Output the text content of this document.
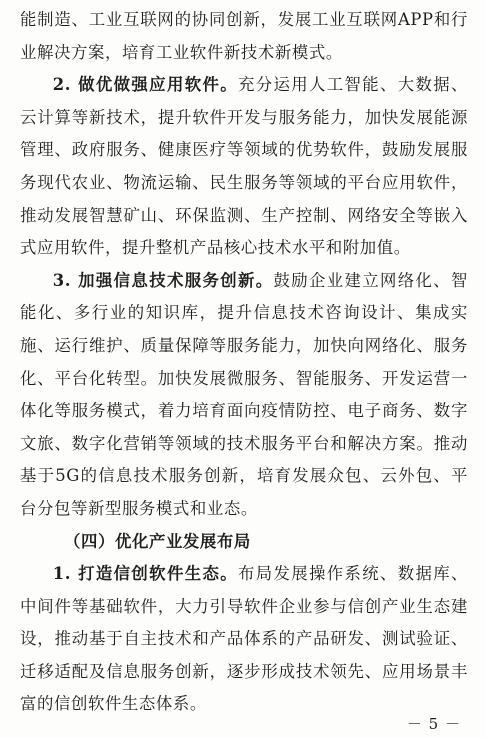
能制造、工业互联网的协同创新，发展工业互联网APP和行业解决方案，培育工业软件新技术新模式。

2. 做优做强应用软件。充分运用人工智能、大数据、云计算等新技术，提升软件开发与服务能力，加快发展能源管理、政府服务、健康医疗等领域的优势软件，鼓励发展服务现代农业、物流运输、民生服务等领域的平台应用软件，推动发展智慧矿山、环保监测、生产控制、网络安全等嵌入式应用软件，提升整机产品核心技术水平和附加值。

3. 加强信息技术服务创新。鼓励企业建立网络化、智能化、多行业的知识库，提升信息技术咨询设计、集成实施、运行维护、质量保障等服务能力，加快向网络化、服务化、平台化转型。加快发展微服务、智能服务、开发运营一体化等服务模式，着力培育面向疫情防控、电子商务、数字文旅、数字化营销等领域的技术服务平台和解决方案。推动基于5G的信息技术服务创新，培育发展众包、云外包、平台分包等新型服务模式和业态。

（四）优化产业发展布局

1. 打造信创软件生态。布局发展操作系统、数据库、中间件等基础软件，大力引导软件企业参与信创产业生态建设，推动基于自主技术和产品体系的产品研发、测试验证、迁移适配及信息服务创新，逐步形成技术领先、应用场景丰富的信创软件生态体系。

－ 5 －
